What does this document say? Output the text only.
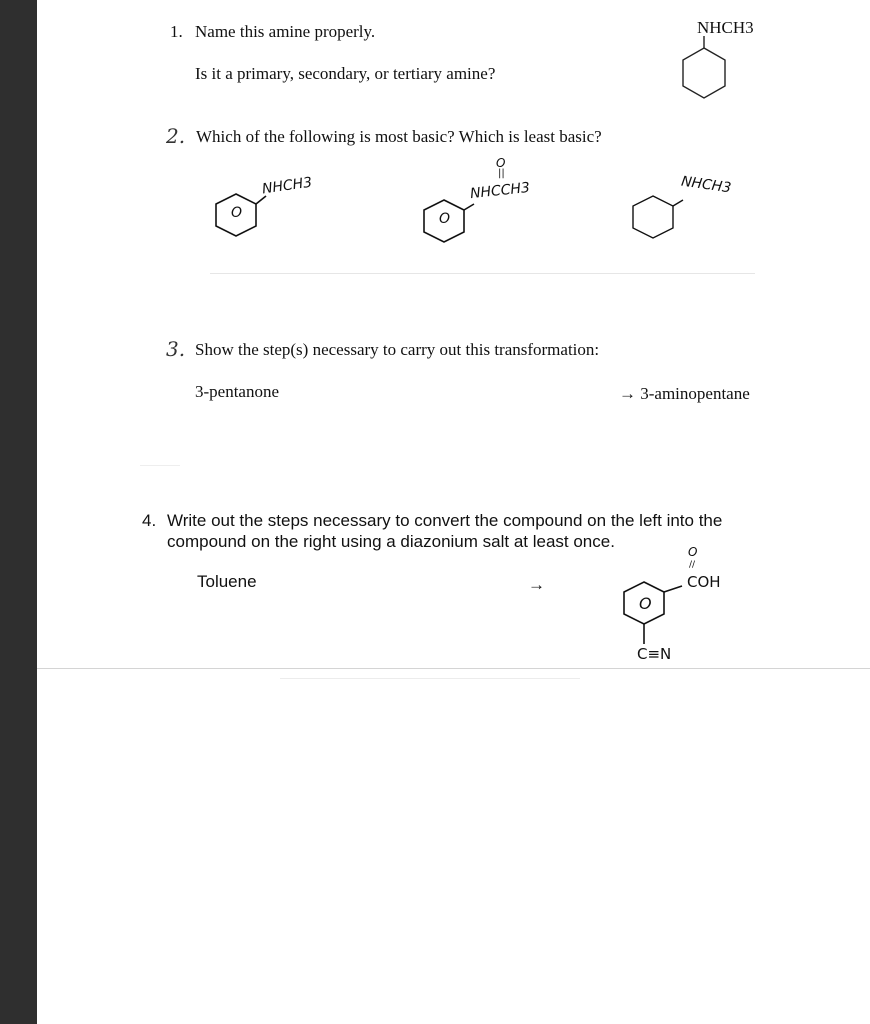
1. Name this amine properly.
Is it a primary, secondary, or tertiary amine?
NHCH3
2. Which of the following is most basic? Which is least basic?
O
NHCH3
O
||
O
NHCCH3	NHCH3
3. Show the step(s) necessary to carry out this transformation:
3-pentanone	→ 3-aminopentane
4. Write out the steps necessary to convert the compound on the left into the
compound on the right using a diazonium salt at least once.
Toluene	→
O
//
O
COH
C≡N
